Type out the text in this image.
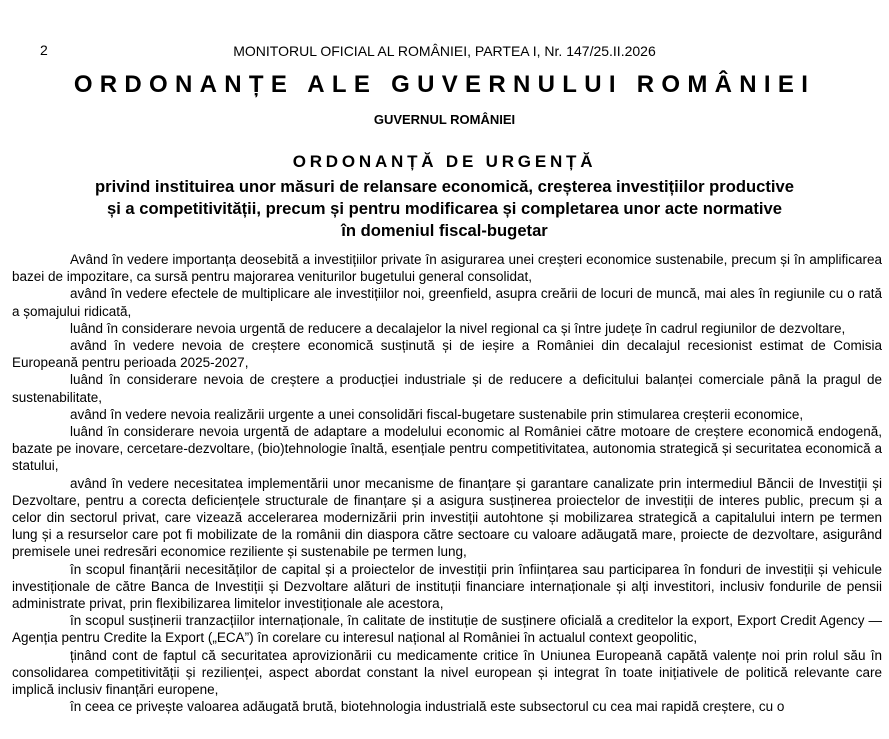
2	MONITORUL OFICIAL AL ROMÂNIEI, PARTEA I, Nr. 147/25.II.2026
ORDONANȚE ALE GUVERNULUI ROMÂNIEI
GUVERNUL ROMÂNIEI
ORDONANȚĂ DE URGENȚĂ
privind instituirea unor măsuri de relansare economică, creșterea investițiilor productive
și a competitivității, precum și pentru modificarea și completarea unor acte normative
în domeniul fiscal-bugetar

Având în vedere importanța deosebită a investițiilor private în asigurarea unei creșteri economice sustenabile, precum și în amplificarea bazei de impozitare, ca sursă pentru majorarea veniturilor bugetului general consolidat,

având în vedere efectele de multiplicare ale investițiilor noi, greenfield, asupra creării de locuri de muncă, mai ales în regiunile cu o rată a șomajului ridicată,

luând în considerare nevoia urgentă de reducere a decalajelor la nivel regional ca și între județe în cadrul regiunilor de dezvoltare,

având în vedere nevoia de creștere economică susținută și de ieșire a României din decalajul recesionist estimat de Comisia Europeană pentru perioada 2025-2027,

luând în considerare nevoia de creștere a producției industriale și de reducere a deficitului balanței comerciale până la pragul de sustenabilitate,

având în vedere nevoia realizării urgente a unei consolidări fiscal-bugetare sustenabile prin stimularea creșterii economice,

luând în considerare nevoia urgentă de adaptare a modelului economic al României către motoare de creștere economică endogenă, bazate pe inovare, cercetare-dezvoltare, (bio)tehnologie înaltă, esențiale pentru competitivitatea, autonomia strategică și securitatea economică a statului,

având în vedere necesitatea implementării unor mecanisme de finanțare și garantare canalizate prin intermediul Băncii de Investiții și Dezvoltare, pentru a corecta deficiențele structurale de finanțare și a asigura susținerea proiectelor de investiții de interes public, precum și a celor din sectorul privat, care vizează accelerarea modernizării prin investiții autohtone și mobilizarea strategică a capitalului intern pe termen lung și a resurselor care pot fi mobilizate de la românii din diaspora către sectoare cu valoare adăugată mare, proiecte de dezvoltare, asigurând premisele unei redresări economice reziliente și sustenabile pe termen lung,

în scopul finanțării necesităților de capital și a proiectelor de investiții prin înființarea sau participarea în fonduri de investiții și vehicule investiționale de către Banca de Investiții și Dezvoltare alături de instituții financiare internaționale și alți investitori, inclusiv fondurile de pensii administrate privat, prin flexibilizarea limitelor investiționale ale acestora,

în scopul susținerii tranzacțiilor internaționale, în calitate de instituție de susținere oficială a creditelor la export, Export Credit Agency — Agenția pentru Credite la Export („ECA”) în corelare cu interesul național al României în actualul context geopolitic,

ținând cont de faptul că securitatea aprovizionării cu medicamente critice în Uniunea Europeană capătă valențe noi prin rolul său în consolidarea competitivității și rezilienței, aspect abordat constant la nivel european și integrat în toate inițiativele de politică relevante care implică inclusiv finanțări europene,

în ceea ce privește valoarea adăugată brută, biotehnologia industrială este subsectorul cu cea mai rapidă creștere, cu o
